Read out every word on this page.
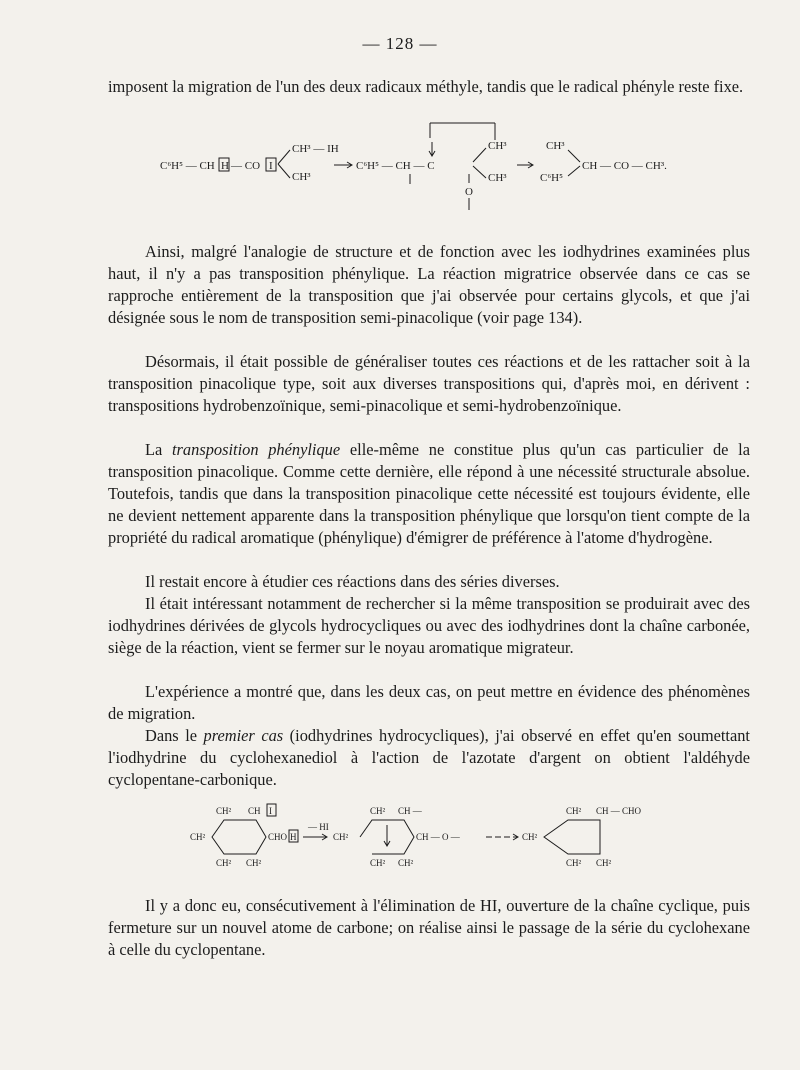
— 128 —

imposent la migration de l'un des deux radicaux méthyle, tandis que le radical phényle reste fixe.

C⁶H⁵ — CH H — CO I
CH³ — IH
CH³
C⁶H⁵ — CH — C
CH³
CH³
O
CH³
C⁶H⁵
CH — CO — CH³.

Ainsi, malgré l'analogie de structure et de fonction avec les iodhydrines examinées plus haut, il n'y a pas transposition phénylique. La réaction migratrice observée dans ce cas se rapproche entièrement de la transposition que j'ai observée pour certains glycols, et que j'ai désignée sous le nom de transposition semi-pinacolique (voir page 134).

Désormais, il était possible de généraliser toutes ces réactions et de les rattacher soit à la transposition pinacolique type, soit aux diverses transpositions qui, d'après moi, en dérivent : transpositions hydrobenzoïnique, semi-pinacolique et semi-hydrobenzoïnique.

La transposition phénylique elle-même ne constitue plus qu'un cas particulier de la transposition pinacolique. Comme cette dernière, elle répond à une nécessité structurale absolue. Toutefois, tandis que dans la transposition pinacolique cette nécessité est toujours évidente, elle ne devient nettement apparente dans la transposition phénylique que lorsqu'on tient compte de la propriété du radical aromatique (phénylique) d'émigrer de préférence à l'atome d'hydrogène.

Il restait encore à étudier ces réactions dans des séries diverses.

Il était intéressant notamment de rechercher si la même transposition se produirait avec des iodhydrines dérivées de glycols hydrocycliques ou avec des iodhydrines dont la chaîne carbonée, siège de la réaction, vient se fermer sur le noyau aromatique migrateur.

L'expérience a montré que, dans les deux cas, on peut mettre en évidence des phénomènes de migration.

Dans le premier cas (iodhydrines hydrocycliques), j'ai observé en effet qu'en soumettant l'iodhydrine du cyclohexanediol à l'action de l'azotate d'argent on obtient l'aldéhyde cyclopentane-carbonique.

CH² CH I
CH²	CHO H
CH² CH²
— HI
CH² CH —
CH²	CH — O —
CH² CH²
CH² CH — CHO
CH²
CH² CH²

Il y a donc eu, consécutivement à l'élimination de HI, ouverture de la chaîne cyclique, puis fermeture sur un nouvel atome de carbone; on réalise ainsi le passage de la série du cyclohexane à celle du cyclopentane.
